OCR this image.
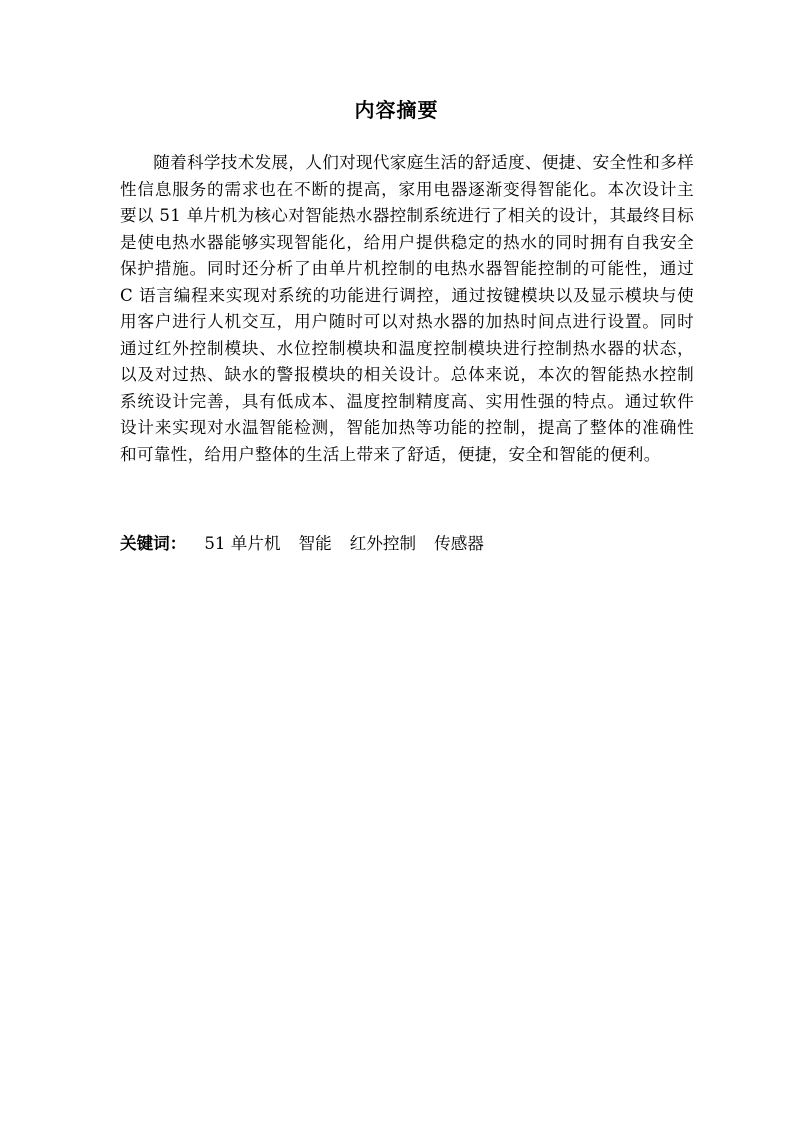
内容摘要

随着科学技术发展，人们对现代家庭生活的舒适度、便捷、安全性和多样性信息服务的需求也在不断的提高，家用电器逐渐变得智能化。本次设计主要以 51 单片机为核心对智能热水器控制系统进行了相关的设计，其最终目标是使电热水器能够实现智能化，给用户提供稳定的热水的同时拥有自我安全保护措施。同时还分析了由单片机控制的电热水器智能控制的可能性，通过 C 语言编程来实现对系统的功能进行调控，通过按键模块以及显示模块与使用客户进行人机交互，用户随时可以对热水器的加热时间点进行设置。同时通过红外控制模块、水位控制模块和温度控制模块进行控制热水器的状态，以及对过热、缺水的警报模块的相关设计。总体来说，本次的智能热水控制系统设计完善，具有低成本、温度控制精度高、实用性强的特点。通过软件设计来实现对水温智能检测，智能加热等功能的控制，提高了整体的准确性和可靠性，给用户整体的生活上带来了舒适，便捷，安全和智能的便利。

关键词： 51 单片机 智能 红外控制 传感器
